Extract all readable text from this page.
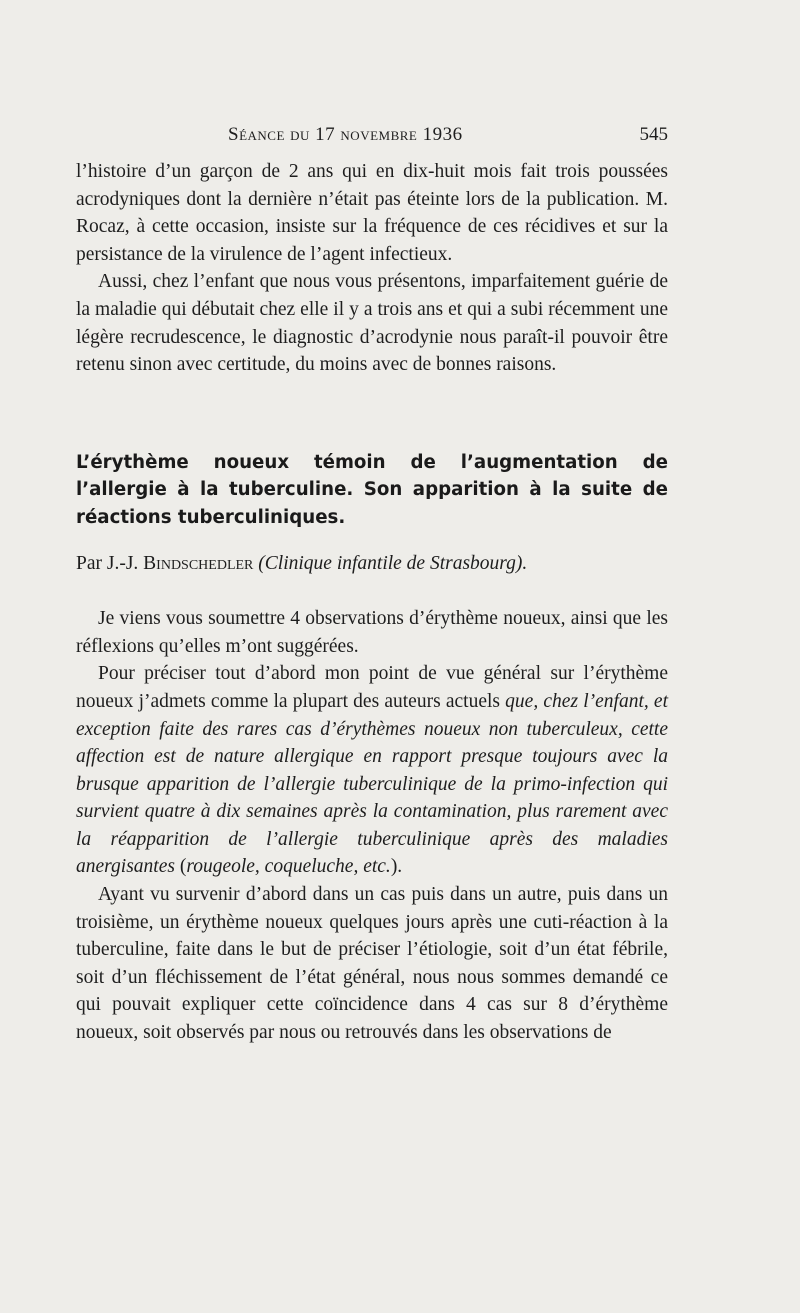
Séance du 17 novembre 1936	545

l’histoire d’un garçon de 2 ans qui en dix-huit mois fait trois poussées acrodyniques dont la dernière n’était pas éteinte lors de la publication. M. Rocaz, à cette occasion, insiste sur la fréquence de ces récidives et sur la persistance de la virulence de l’agent infectieux.

Aussi, chez l’enfant que nous vous présentons, imparfaitement guérie de la maladie qui débutait chez elle il y a trois ans et qui a subi récemment une légère recrudescence, le diagnostic d’acrodynie nous paraît-il pouvoir être retenu sinon avec certitude, du moins avec de bonnes raisons.

L’érythème noueux témoin de l’augmentation de l’allergie à la tuberculine. Son apparition à la suite de réactions tuberculiniques.
Par J.-J. Bindschedler (Clinique infantile de Strasbourg).

Je viens vous soumettre 4 observations d’érythème noueux, ainsi que les réflexions qu’elles m’ont suggérées.

Pour préciser tout d’abord mon point de vue général sur l’érythème noueux j’admets comme la plupart des auteurs actuels que, chez l’enfant, et exception faite des rares cas d’érythèmes noueux non tuberculeux, cette affection est de nature allergique en rapport presque toujours avec la brusque apparition de l’allergie tuberculinique de la primo-infection qui survient quatre à dix semaines après la contamination, plus rarement avec la réapparition de l’allergie tuberculinique après des maladies anergisantes (rougeole, coqueluche, etc.).

Ayant vu survenir d’abord dans un cas puis dans un autre, puis dans un troisième, un érythème noueux quelques jours après une cuti-réaction à la tuberculine, faite dans le but de préciser l’étiologie, soit d’un état fébrile, soit d’un fléchissement de l’état général, nous nous sommes demandé ce qui pouvait expliquer cette coïncidence dans 4 cas sur 8 d’érythème noueux, soit observés par nous ou retrouvés dans les observations de
